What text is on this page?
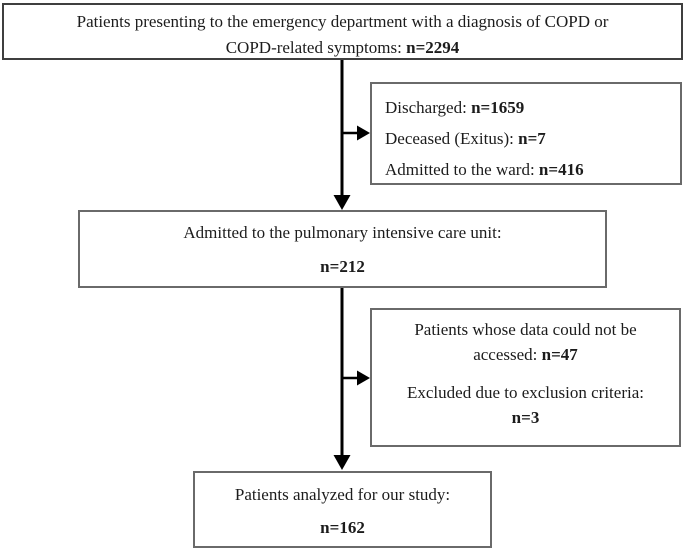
Patients presenting to the emergency department with a diagnosis of COPD or
COPD-related symptoms: n=2294
Discharged: n=1659
Deceased (Exitus): n=7
Admitted to the ward: n=416
Admitted to the pulmonary intensive care unit:
n=212
Patients whose data could not be
accessed: n=47
Excluded due to exclusion criteria:
n=3
Patients analyzed for our study:
n=162
